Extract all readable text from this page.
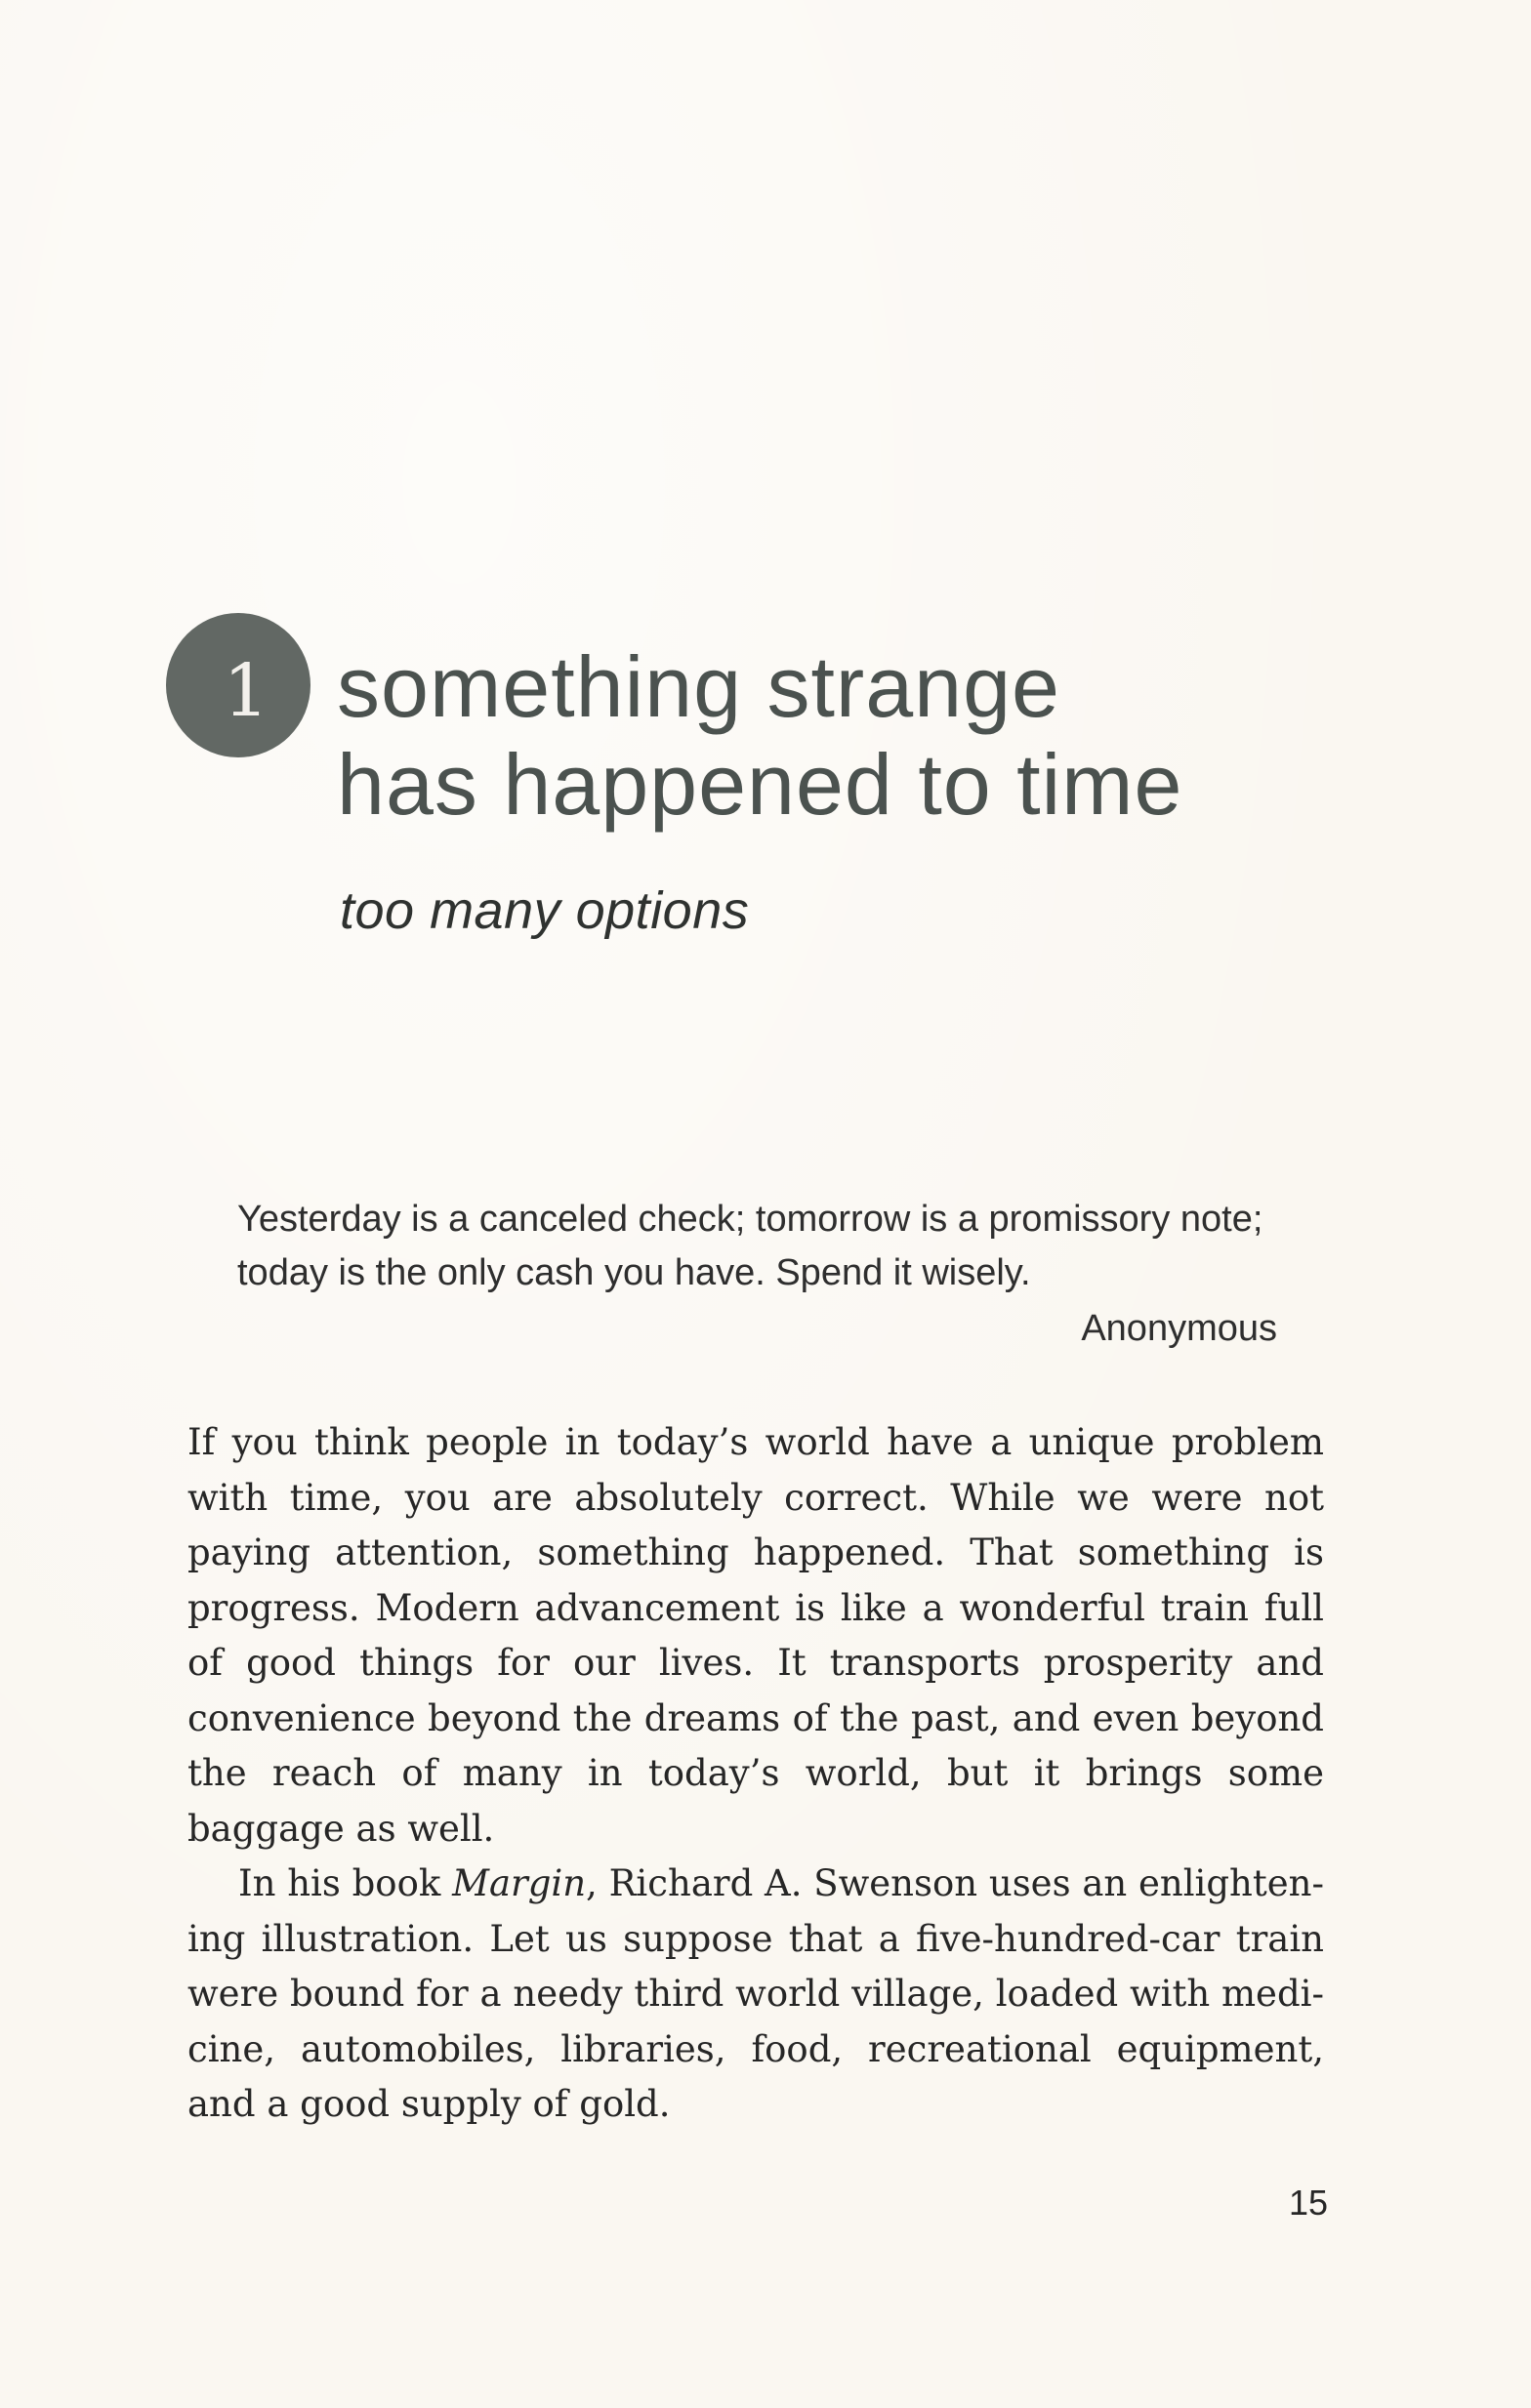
1 something strange
has happened to time
too many options

Yesterday is a canceled check; tomorrow is a promissory note; today is the only cash you have. Spend it wisely.

Anonymous

If you think people in today’s world have a unique problem with time, you are absolutely correct. While we were not paying attention, something happened. That something is progress. Modern advancement is like a wonderful train full of good things for our lives. It transports prosperity and convenience beyond the dreams of the past, and even beyond the reach of many in today’s world, but it brings some baggage as well.

In his book Margin, Richard A. Swenson uses an enlightening illustration. Let us suppose that a five-hundred-car train were bound for a needy third world village, loaded with medicine, automobiles, libraries, food, recreational equipment, and a good supply of gold.

15
